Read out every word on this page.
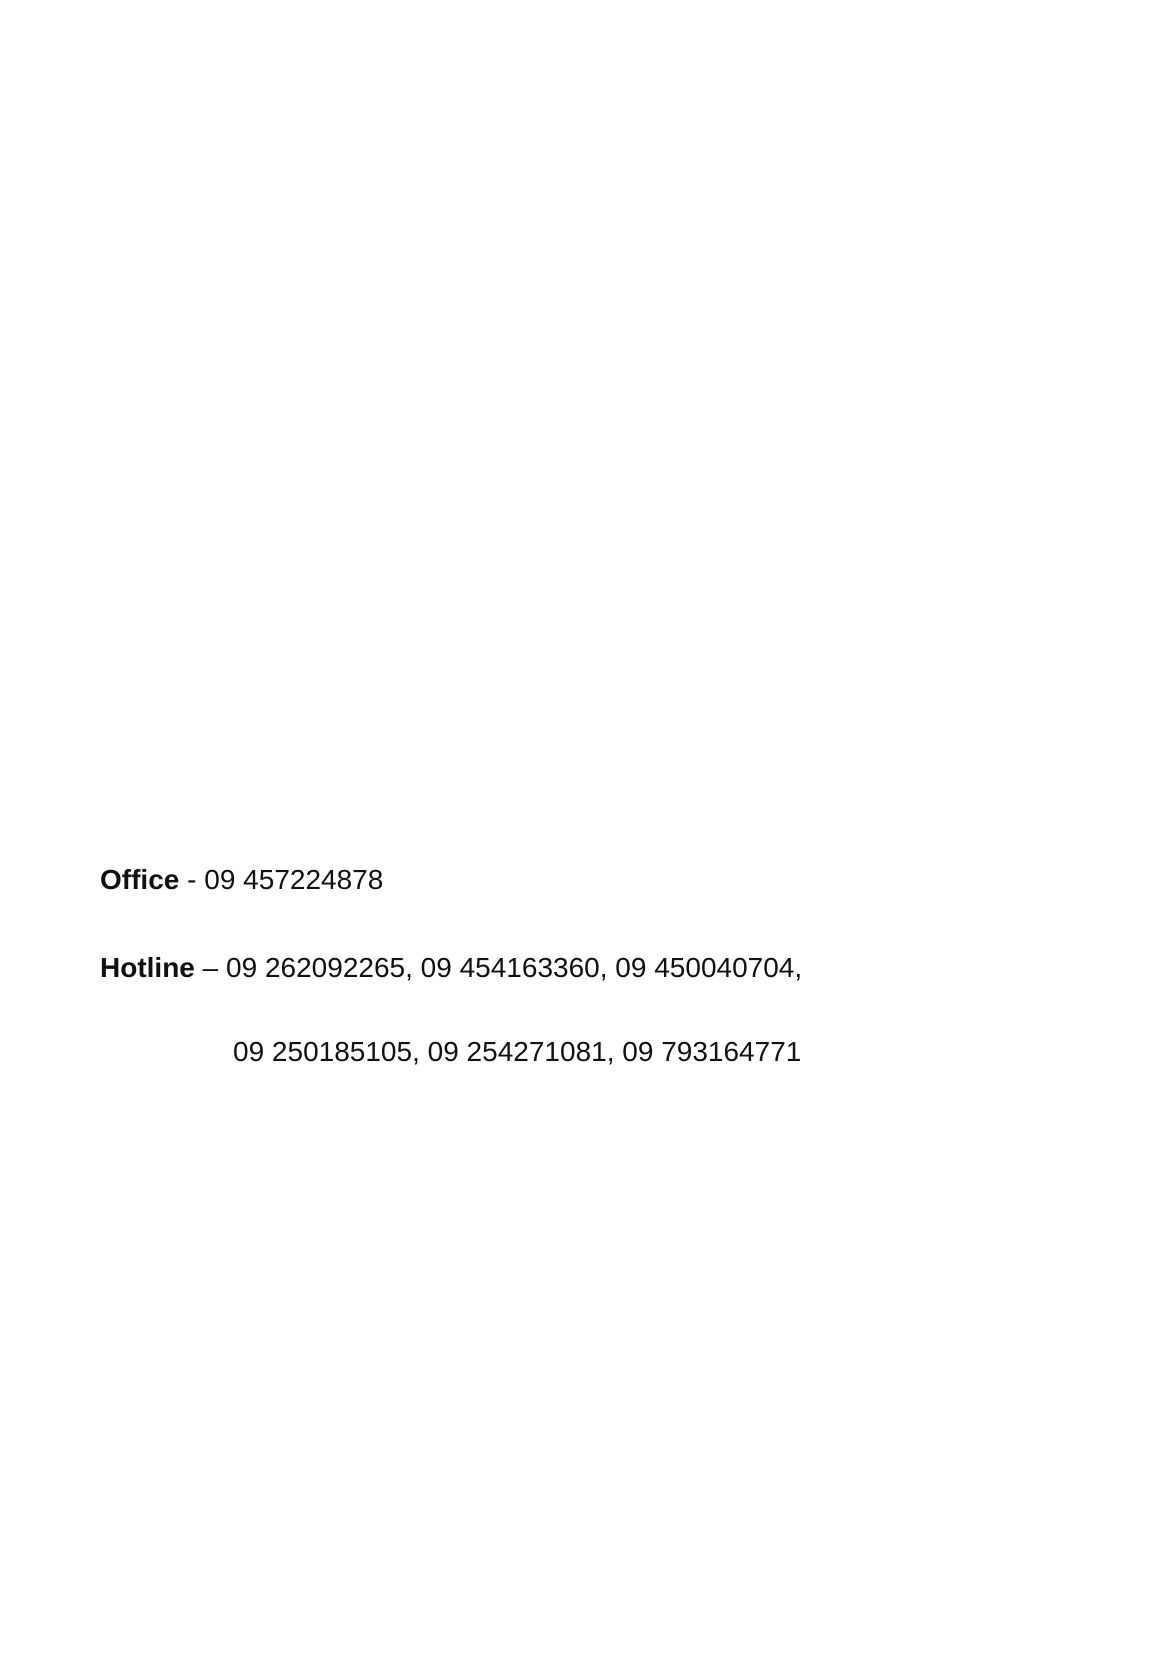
Office - 09 457224878
Hotline – 09 262092265, 09 454163360, 09 450040704,
09 250185105, 09 254271081, 09 793164771
